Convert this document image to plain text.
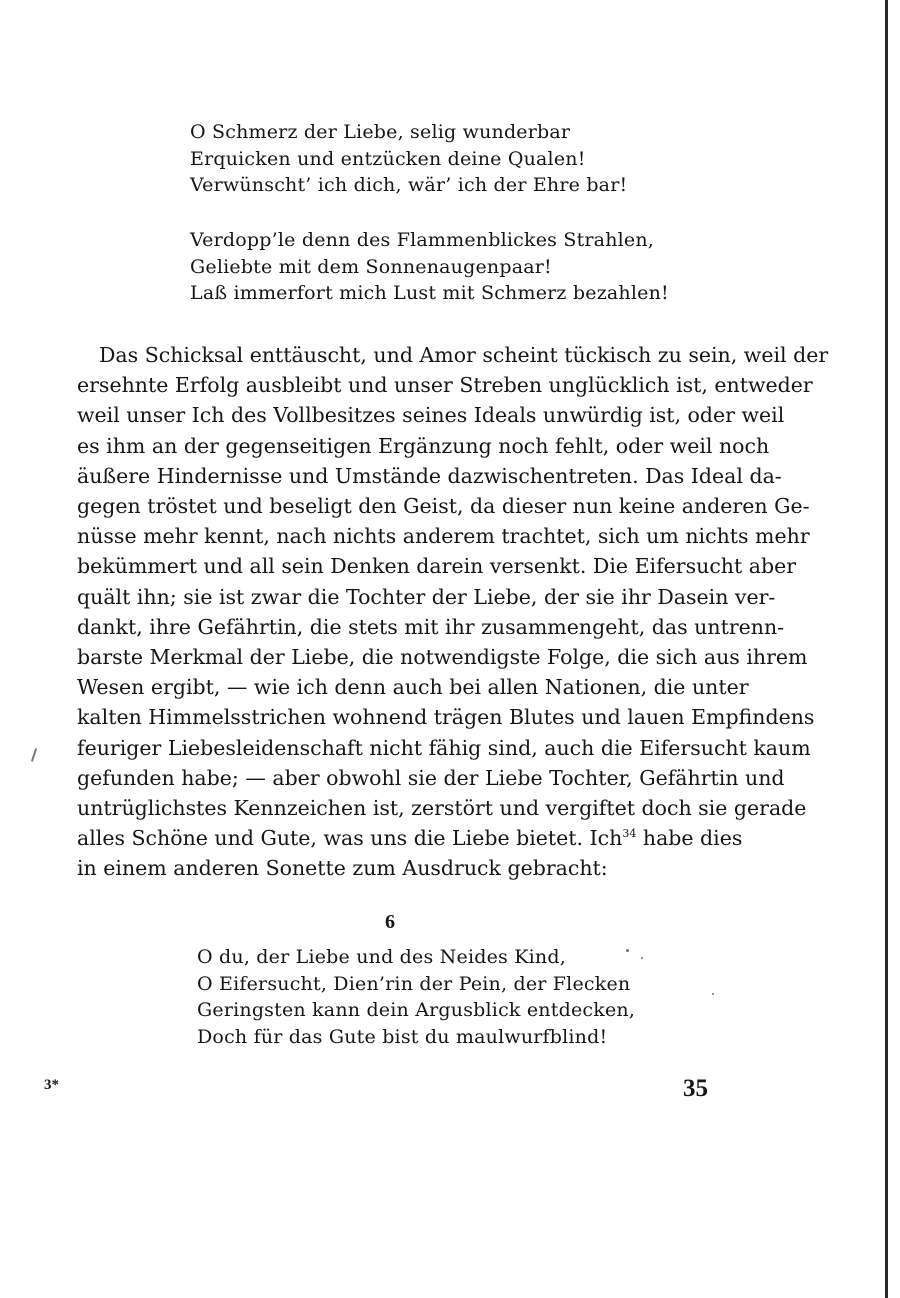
O Schmerz der Liebe, selig wunderbar
Erquicken und entzücken deine Qualen!
Verwünscht’ ich dich, wär’ ich der Ehre bar!
Verdopp’le denn des Flammenblickes Strahlen,
Geliebte mit dem Sonnenaugenpaar!
Laß immerfort mich Lust mit Schmerz bezahlen!
Das Schicksal enttäuscht, und Amor scheint tückisch zu sein, weil der
ersehnte Erfolg ausbleibt und unser Streben unglücklich ist, entweder
weil unser Ich des Vollbesitzes seines Ideals unwürdig ist, oder weil
es ihm an der gegenseitigen Ergänzung noch fehlt, oder weil noch
äußere Hindernisse und Umstände dazwischentreten. Das Ideal da-
gegen tröstet und beseligt den Geist, da dieser nun keine anderen Ge-
nüsse mehr kennt, nach nichts anderem trachtet, sich um nichts mehr
bekümmert und all sein Denken darein versenkt. Die Eifersucht aber
quält ihn; sie ist zwar die Tochter der Liebe, der sie ihr Dasein ver-
dankt, ihre Gefährtin, die stets mit ihr zusammengeht, das untrenn-
barste Merkmal der Liebe, die notwendigste Folge, die sich aus ihrem
Wesen ergibt, — wie ich denn auch bei allen Nationen, die unter
kalten Himmelsstrichen wohnend trägen Blutes und lauen Empfindens
feuriger Liebesleidenschaft nicht fähig sind, auch die Eifersucht kaum
gefunden habe; — aber obwohl sie der Liebe Tochter, Gefährtin und
untrüglichstes Kennzeichen ist, zerstört und vergiftet doch sie gerade
alles Schöne und Gute, was uns die Liebe bietet. Ich$^{34}$ habe dies
in einem anderen Sonette zum Ausdruck gebracht:
6
O du, der Liebe und des Neides Kind,
O Eifersucht, Dien’rin der Pein, der Flecken
Geringsten kann dein Argusblick entdecken,
Doch für das Gute bist du maulwurfblind!
3*	35
